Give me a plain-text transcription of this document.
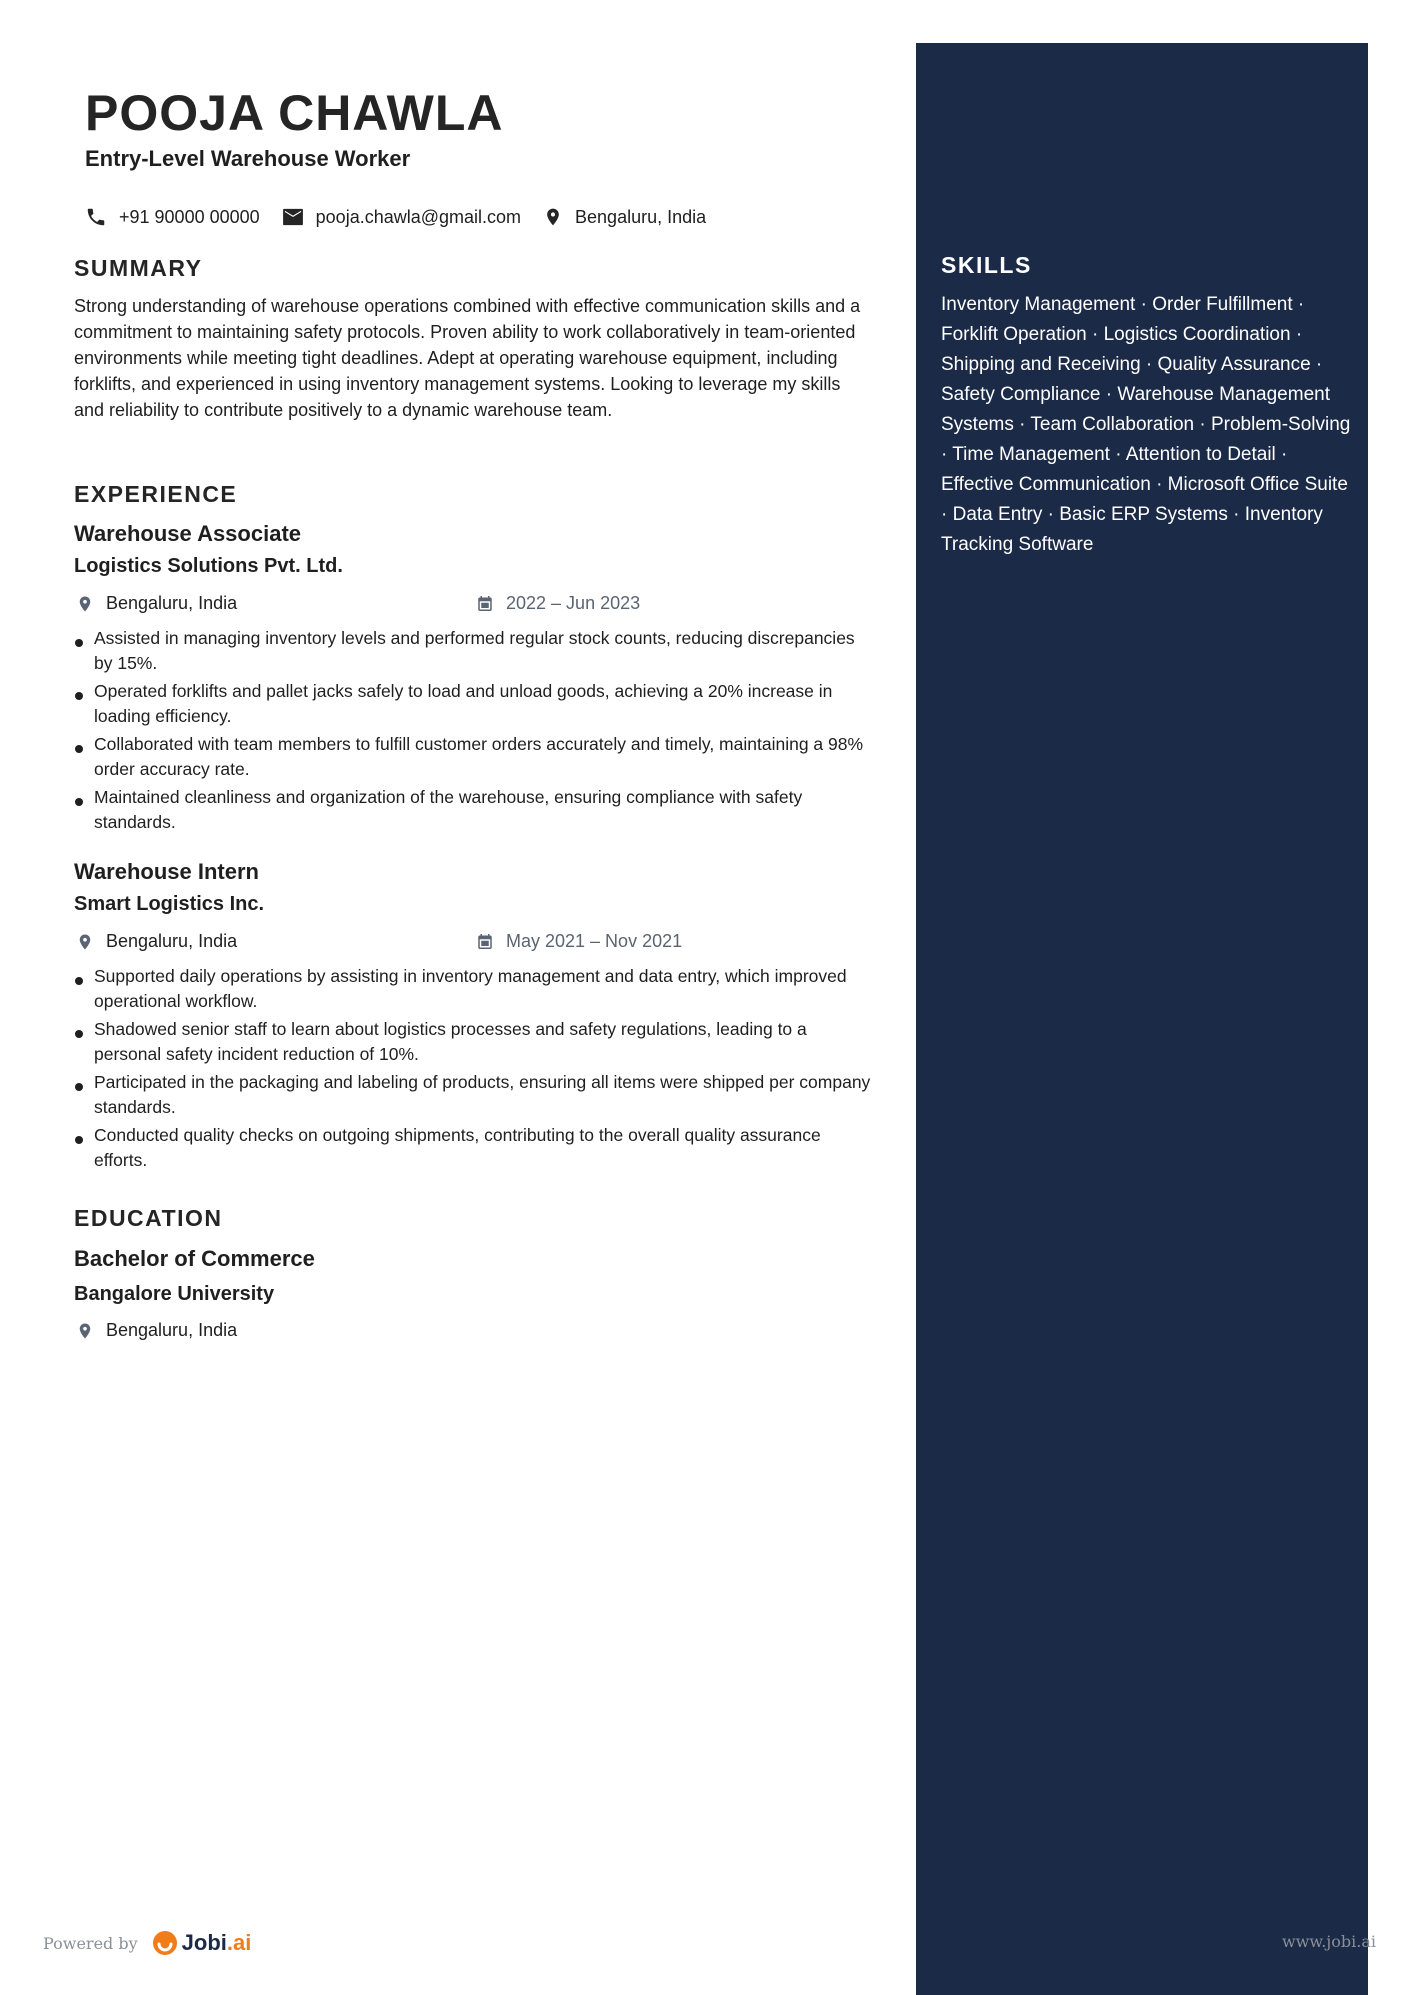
POOJA CHAWLA
Entry-Level Warehouse Worker
+91 90000 00000	pooja.chawla@gmail.com	Bengaluru, India
SUMMARY
Strong understanding of warehouse operations combined with effective communication skills and a commitment to maintaining safety protocols. Proven ability to work collaboratively in team-oriented environments while meeting tight deadlines. Adept at operating warehouse equipment, including forklifts, and experienced in using inventory management systems. Looking to leverage my skills and reliability to contribute positively to a dynamic warehouse team.
EXPERIENCE
Warehouse Associate
Logistics Solutions Pvt. Ltd.
Bengaluru, India	2022 – Jun 2023
Assisted in managing inventory levels and performed regular stock counts, reducing discrepancies by 15%.
Operated forklifts and pallet jacks safely to load and unload goods, achieving a 20% increase in loading efficiency.
Collaborated with team members to fulfill customer orders accurately and timely, maintaining a 98% order accuracy rate.
Maintained cleanliness and organization of the warehouse, ensuring compliance with safety standards.
Warehouse Intern
Smart Logistics Inc.
Bengaluru, India	May 2021 – Nov 2021
Supported daily operations by assisting in inventory management and data entry, which improved operational workflow.
Shadowed senior staff to learn about logistics processes and safety regulations, leading to a personal safety incident reduction of 10%.
Participated in the packaging and labeling of products, ensuring all items were shipped per company standards.
Conducted quality checks on outgoing shipments, contributing to the overall quality assurance efforts.
EDUCATION
Bachelor of Commerce
Bangalore University
Bengaluru, India
SKILLS
Inventory Management · Order Fulfillment · Forklift Operation · Logistics Coordination · Shipping and Receiving · Quality Assurance · Safety Compliance · Warehouse Management Systems · Team Collaboration · Problem-Solving · Time Management · Attention to Detail · Effective Communication · Microsoft Office Suite · Data Entry · Basic ERP Systems · Inventory Tracking Software
Powered by Jobi .ai	www.jobi.ai
